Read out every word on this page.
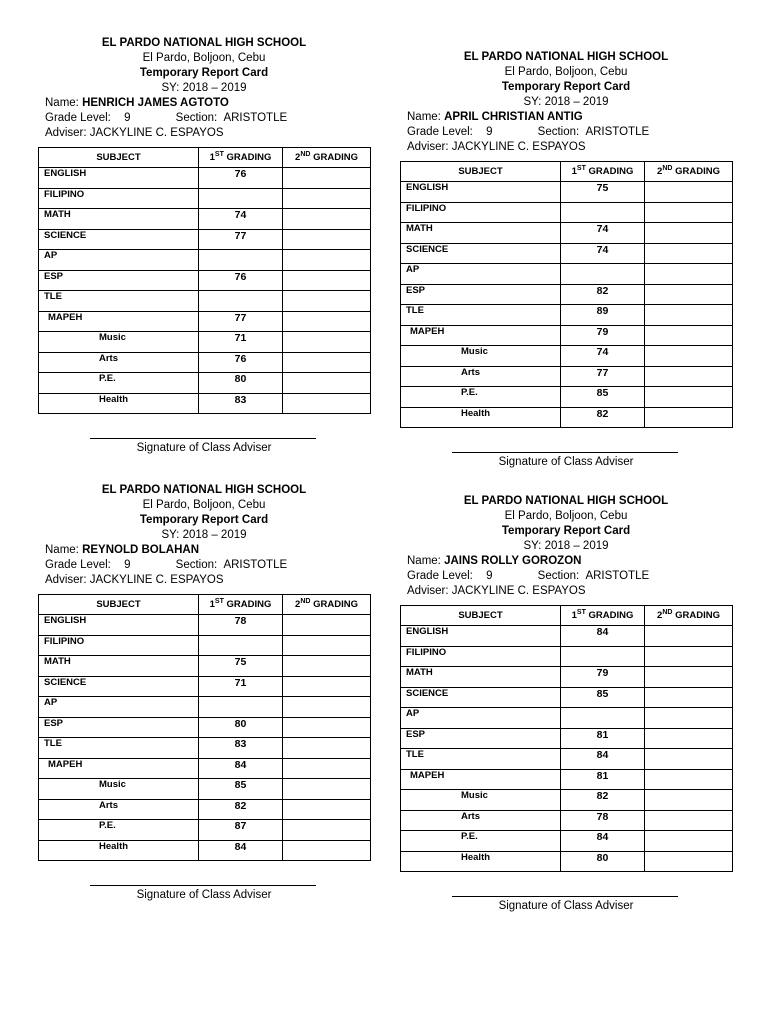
EL PARDO NATIONAL HIGH SCHOOL
El Pardo, Boljoon, Cebu
Temporary Report Card
SY: 2018 – 2019
Name: HENRICH JAMES AGTOTO
Grade Level: 9	Section: ARISTOTLE
Adviser: JACKYLINE C. ESPAYOS
SUBJECT	1ST GRADING	2ND GRADING
ENGLISH	76	
FILIPINO		
MATH	74	
SCIENCE	77	
AP		
ESP	76	
TLE		
MAPEH	77	
Music	71	
Arts	76	
P.E.	80	
Health	83	
Signature of Class Adviser
EL PARDO NATIONAL HIGH SCHOOL
El Pardo, Boljoon, Cebu
Temporary Report Card
SY: 2018 – 2019
Name: APRIL CHRISTIAN ANTIG
Grade Level: 9	Section: ARISTOTLE
Adviser: JACKYLINE C. ESPAYOS
SUBJECT	1ST GRADING	2ND GRADING
ENGLISH	75	
FILIPINO		
MATH	74	
SCIENCE	74	
AP		
ESP	82	
TLE	89	
MAPEH	79	
Music	74	
Arts	77	
P.E.	85	
Health	82	
Signature of Class Adviser
EL PARDO NATIONAL HIGH SCHOOL
El Pardo, Boljoon, Cebu
Temporary Report Card
SY: 2018 – 2019
Name: REYNOLD BOLAHAN
Grade Level: 9	Section: ARISTOTLE
Adviser: JACKYLINE C. ESPAYOS
SUBJECT	1ST GRADING	2ND GRADING
ENGLISH	78	
FILIPINO		
MATH	75	
SCIENCE	71	
AP		
ESP	80	
TLE	83	
MAPEH	84	
Music	85	
Arts	82	
P.E.	87	
Health	84	
Signature of Class Adviser
EL PARDO NATIONAL HIGH SCHOOL
El Pardo, Boljoon, Cebu
Temporary Report Card
SY: 2018 – 2019
Name: JAINS ROLLY GOROZON
Grade Level: 9	Section: ARISTOTLE
Adviser: JACKYLINE C. ESPAYOS
SUBJECT	1ST GRADING	2ND GRADING
ENGLISH	84	
FILIPINO		
MATH	79	
SCIENCE	85	
AP		
ESP	81	
TLE	84	
MAPEH	81	
Music	82	
Arts	78	
P.E.	84	
Health	80	
Signature of Class Adviser
